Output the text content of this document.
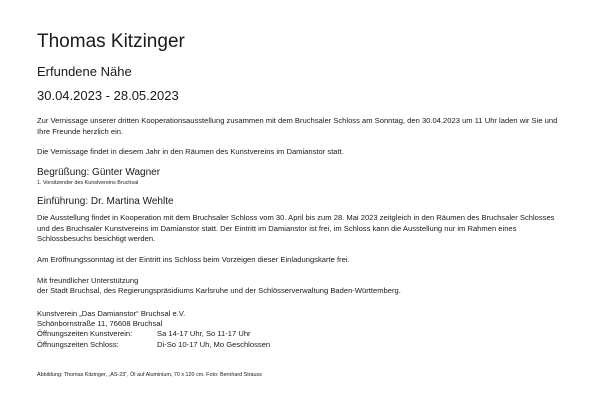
Thomas Kitzinger
Erfundene Nähe
30.04.2023 - 28.05.2023
Zur Vernissage unserer dritten Kooperationsausstellung zusammen mit dem Bruchsaler Schloss am Sonntag, den 30.04.2023 um 11 Uhr laden wir Sie und Ihre Freunde herzlich ein.
Die Vernissage findet in diesem Jahr in den Räumen des Kunstvereins im Damianstor statt.
Begrüßung: Günter Wagner
1. Vorsitzender des Kunstvereins Bruchsal
Einführung: Dr. Martina Wehlte
Die Ausstellung findet in Kooperation mit dem Bruchsaler Schloss vom 30. April bis zum 28. Mai 2023 zeitgleich in den Räumen des Bruchsaler Schlosses und des Bruchsaler Kunstvereins im Damianstor statt. Der Eintritt im Damianstor ist frei, im Schloss kann die Ausstellung nur im Rahmen eines Schlossbesuchs besichtigt werden.
Am Eröffnungssonntag ist der Eintritt ins Schloss beim Vorzeigen dieser Einladungskarte frei.
Mit freundlicher Unterstützung
der Stadt Bruchsal, des Regierungspräsidiums Karlsruhe und der Schlösserverwaltung Baden-Württemberg.
Kunstverein „Das Damianstor“ Bruchsal e.V.
Schönbornstraße 11, 76608 Bruchsal
Öffnungszeiten Kunstverein:	Sa 14-17 Uhr, So 11-17 Uhr
Öffnungszeiten Schloss:	Di-So 10-17 Uh, Mo Geschlossen
Abbildung: Thomas Kitzinger, „AS-23“, Öl auf Aluminium, 70 x 120 cm. Foto: Bernhard Strauss
